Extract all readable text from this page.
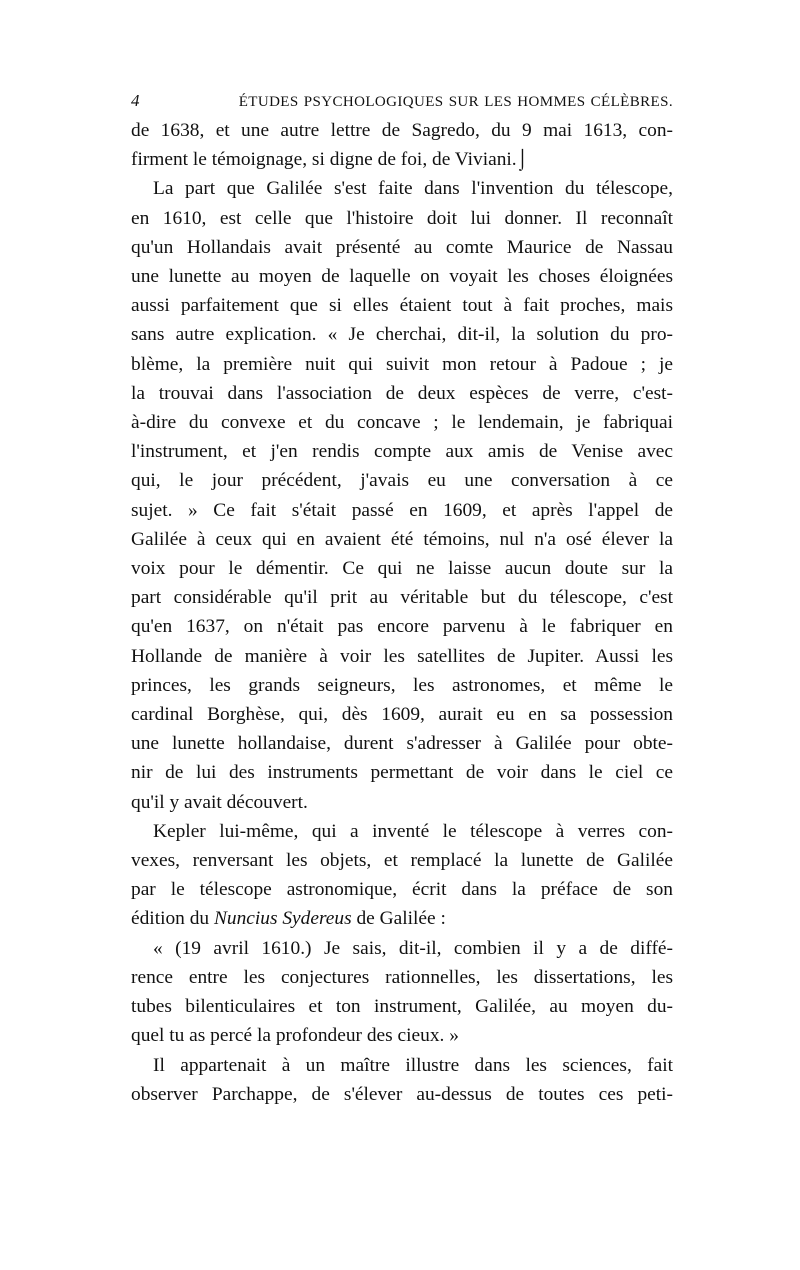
4	ÉTUDES PSYCHOLOGIQUES SUR LES HOMMES CÉLÈBRES.

de 1638, et une autre lettre de Sagredo, du 9 mai 1613, con-
firment le témoignage, si digne de foi, de Viviani.⌡

La part que Galilée s'est faite dans l'invention du télescope,
en 1610, est celle que l'histoire doit lui donner. Il reconnaît
qu'un Hollandais avait présenté au comte Maurice de Nassau
une lunette au moyen de laquelle on voyait les choses éloignées
aussi parfaitement que si elles étaient tout à fait proches, mais
sans autre explication. « Je cherchai, dit-il, la solution du pro-
blème, la première nuit qui suivit mon retour à Padoue ; je
la trouvai dans l'association de deux espèces de verre, c'est-
à-dire du convexe et du concave ; le lendemain, je fabriquai
l'instrument, et j'en rendis compte aux amis de Venise avec
qui, le jour précédent, j'avais eu une conversation à ce
sujet. » Ce fait s'était passé en 1609, et après l'appel de
Galilée à ceux qui en avaient été témoins, nul n'a osé élever la
voix pour le démentir. Ce qui ne laisse aucun doute sur la
part considérable qu'il prit au véritable but du télescope, c'est
qu'en 1637, on n'était pas encore parvenu à le fabriquer en
Hollande de manière à voir les satellites de Jupiter. Aussi les
princes, les grands seigneurs, les astronomes, et même le
cardinal Borghèse, qui, dès 1609, aurait eu en sa possession
une lunette hollandaise, durent s'adresser à Galilée pour obte-
nir de lui des instruments permettant de voir dans le ciel ce
qu'il y avait découvert.

Kepler lui-même, qui a inventé le télescope à verres con-
vexes, renversant les objets, et remplacé la lunette de Galilée
par le télescope astronomique, écrit dans la préface de son
édition du Nuncius Sydereus de Galilée :

« (19 avril 1610.) Je sais, dit-il, combien il y a de diffé-
rence entre les conjectures rationnelles, les dissertations, les
tubes bilenticulaires et ton instrument, Galilée, au moyen du-
quel tu as percé la profondeur des cieux. »

Il appartenait à un maître illustre dans les sciences, fait
observer Parchappe, de s'élever au-dessus de toutes ces peti-
